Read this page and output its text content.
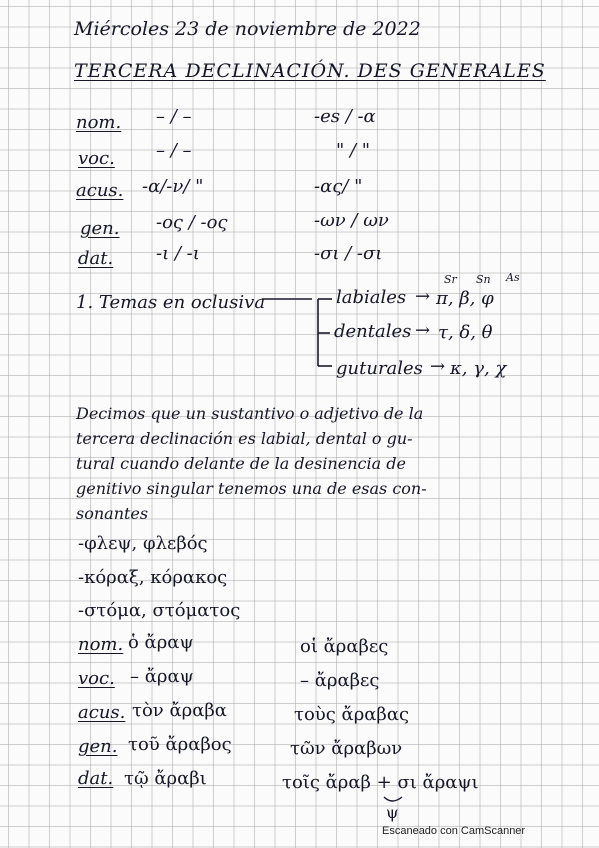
Miércoles 23 de noviembre de 2022
TERCERA DECLINACIÓN. DES GENERALES
nom. – / –	-es / -α
voc. – / –	" / "
acus. -α/-ν/ "	-ας/ "
gen. -ος / -ος	-ων / ων
dat. -ι / -ι	-σι / -σι
1. Temas en oclusiva	labiales → π, β, φ
Sr Sn As
dentales → τ, δ, θ
guturales → κ, γ, χ
Decimos que un sustantivo o adjetivo de la
tercera declinación es labial, dental o gu-
tural cuando delante de la desinencia de
genitivo singular tenemos una de esas con-
sonantes
-φλεψ, φλεβός
-κόραξ, κόρακος
-στόμα, στόματος
nom. ὁ ἄραψ	οἱ ἄραβες
voc. – ἄραψ	– ἄραβες
acus. τὸν ἄραβα	τοὺς ἄραβας
gen. τοῦ ἄραβος	τῶν ἄραβων
dat. τῷ ἄραβι	τοῖς ἄραβ + σι ἄραψι
ψ
Escaneado con CamScanner
